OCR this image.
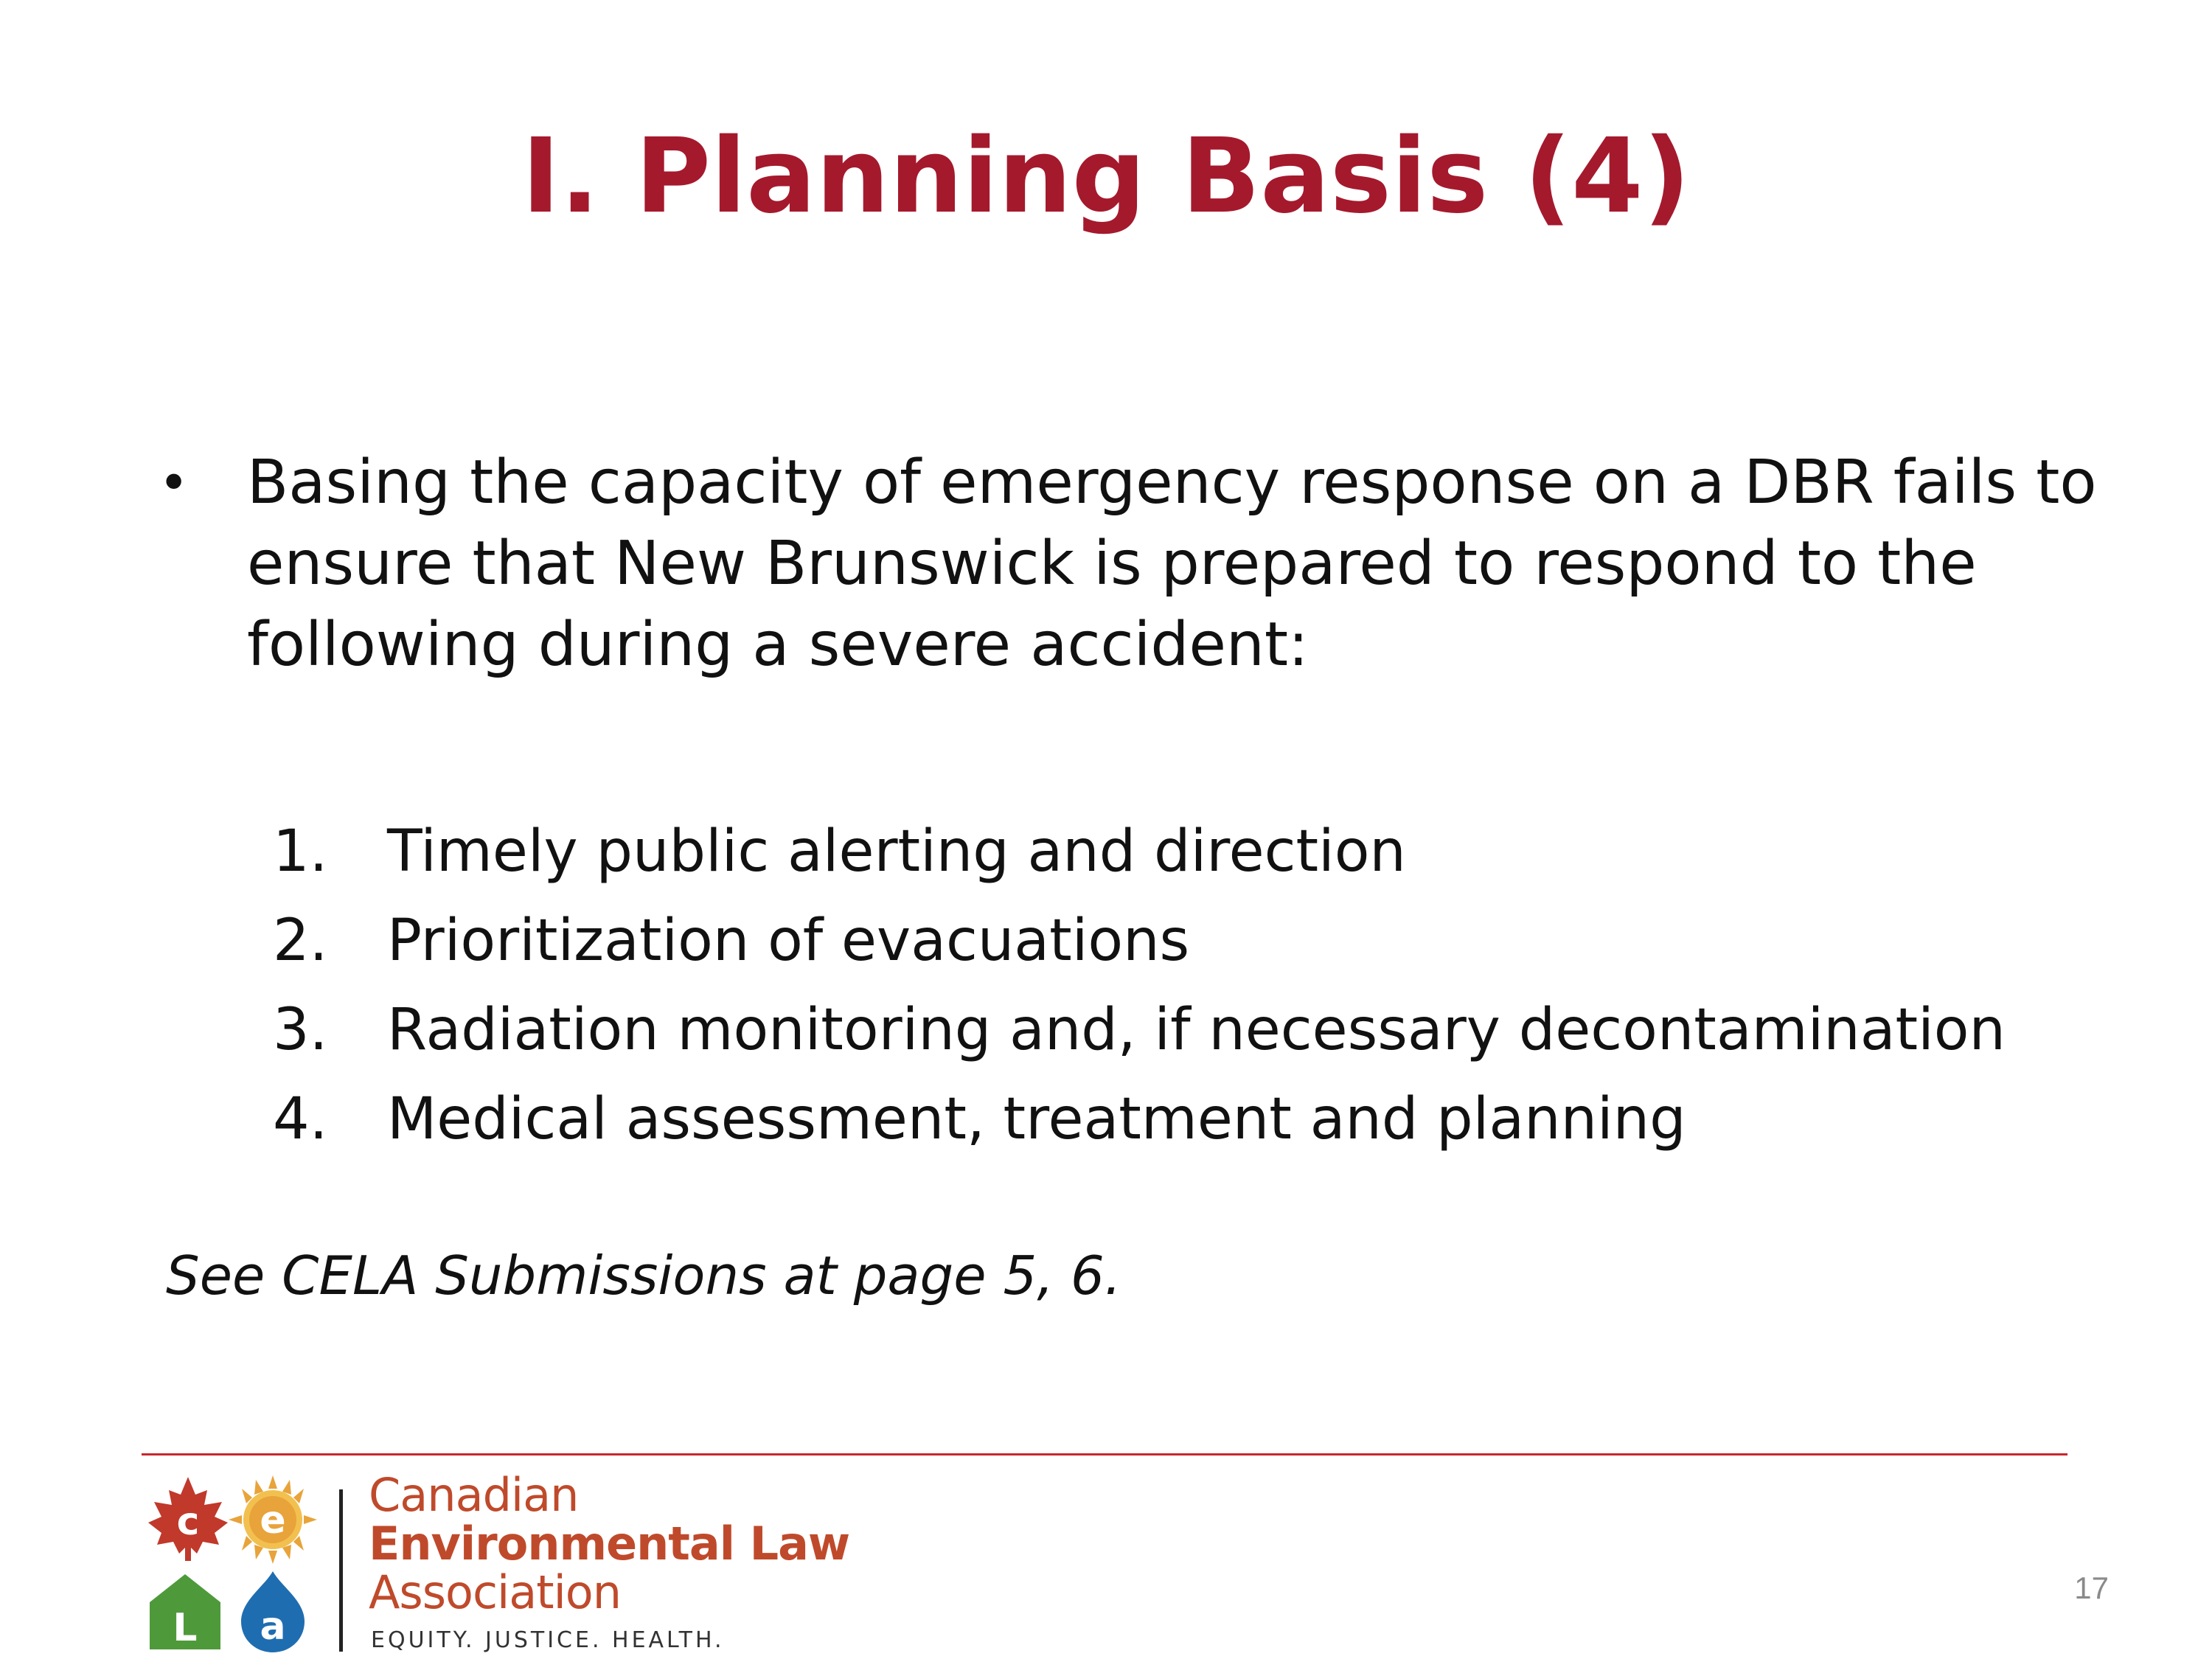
I. Planning Basis (4)
• Basing the capacity of emergency response on a DBR fails to ensure that New Brunswick is prepared to respond to the following during a severe accident:

1. Timely public alerting and direction
2. Prioritization of evacuations
3. Radiation monitoring and, if necessary decontamination
4. Medical assessment, treatment and planning

See CELA Submissions at page 5, 6.

c e
L a
Canadian
Environmental Law
Association
EQUITY. JUSTICE. HEALTH.
17
